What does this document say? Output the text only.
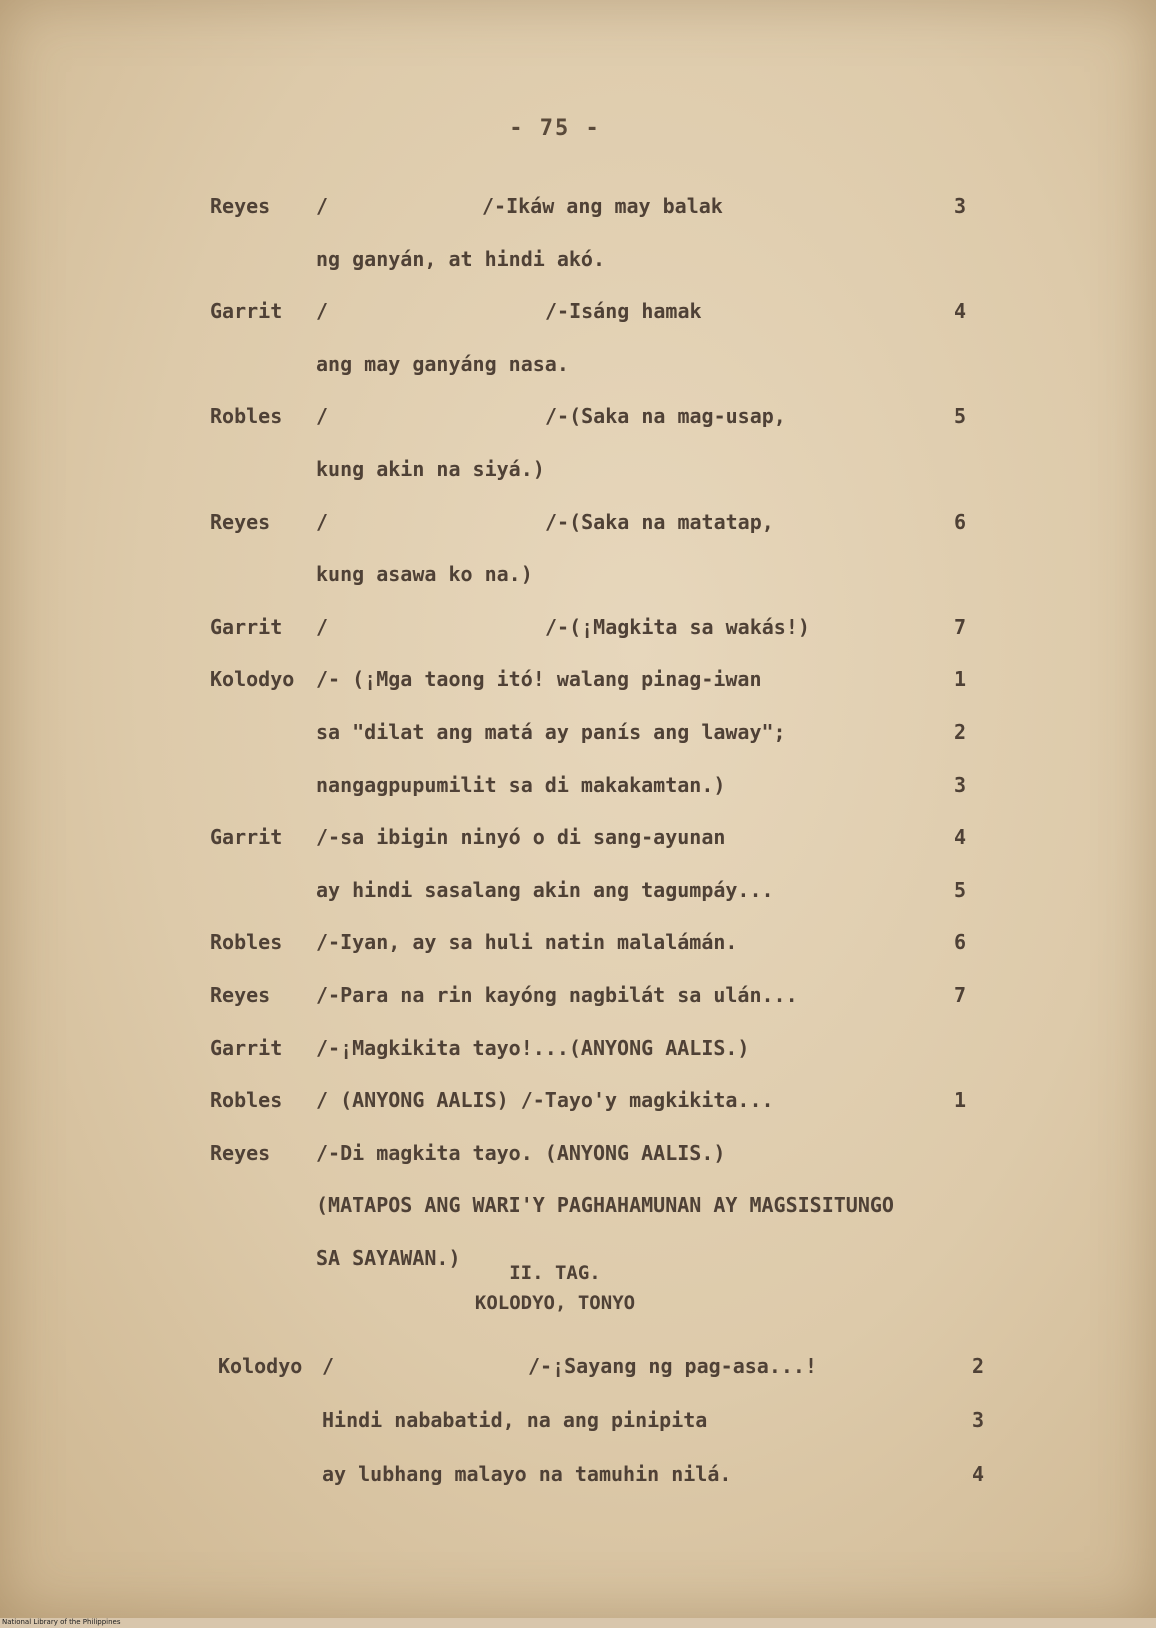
- 75 -
Reyes /	/-Ikáw ang may balak	3
ng ganyán, at hindi akó.
Garrit /	/-Isáng hamak	4
ang may ganyáng nasa.
Robles /	/-(Saka na mag-usap,	5
kung akin na siyá.)
Reyes /	/-(Saka na matatap,	6
kung asawa ko na.)
Garrit /	/-(¡Magkita sa wakás!)	7
Kolodyo /- (¡Mga taong itó! walang pinag-iwan	1
sa "dilat ang matá ay panís ang laway";	2
nangagpupumilit sa di makakamtan.)	3
Garrit /-sa ibigin ninyó o di sang-ayunan	4
ay hindi sasalang akin ang tagumpáy...	5
Robles /-Iyan, ay sa huli natin malalámán.	6
Reyes /-Para na rin kayóng nagbilát sa ulán...	7
Garrit /-¡Magkikita tayo!...(ANYONG AALIS.)
Robles / (ANYONG AALIS) /-Tayo'y magkikita...	1
Reyes /-Di magkita tayo. (ANYONG AALIS.)
(MATAPOS ANG WARI'Y PAGHAHAMUNAN AY MAGSISITUNGO
SA SAYAWAN.)
II. TAG.
KOLODYO, TONYO
Kolodyo /	/-¡Sayang ng pag-asa...!	2
Hindi nababatid, na ang pinipita	3
ay lubhang malayo na tamuhin nilá.	4
National Library of the Philippines
